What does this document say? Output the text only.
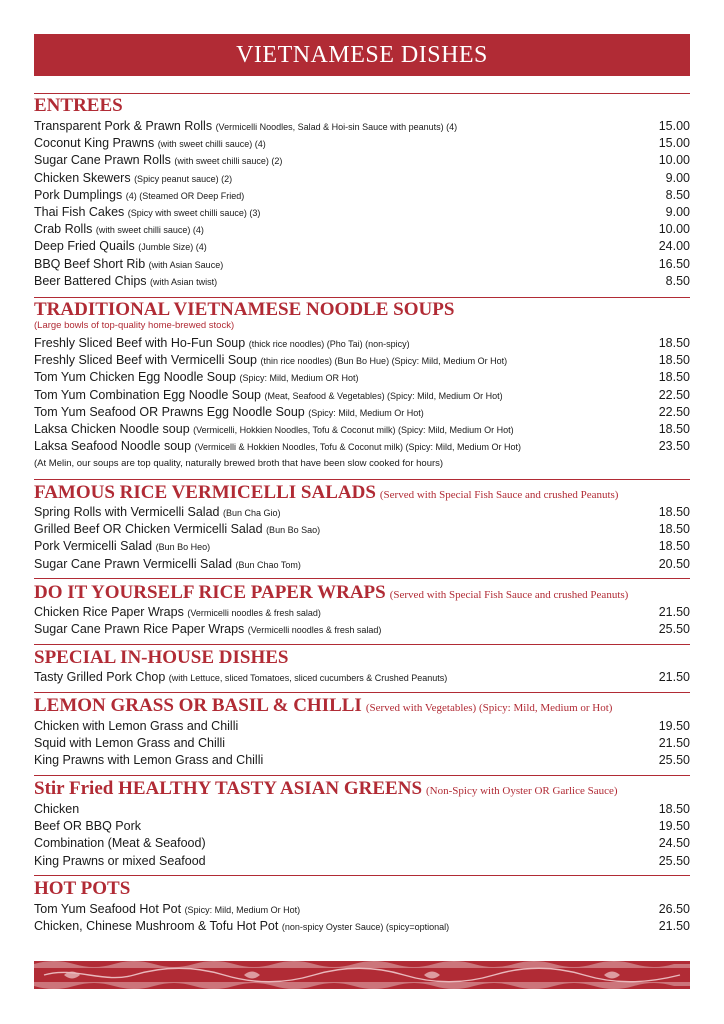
VIETNAMESE DISHES
ENTREES
Transparent Pork & Prawn Rolls (Vermicelli Noodles, Salad & Hoi-sin Sauce with peanuts) (4)	15.00
Coconut King Prawns (with sweet chilli sauce) (4)	15.00
Sugar Cane Prawn Rolls (with sweet chilli sauce) (2)	10.00
Chicken Skewers (Spicy peanut sauce) (2)	9.00
Pork Dumplings (4) (Steamed OR Deep Fried)	8.50
Thai Fish Cakes (Spicy with sweet chilli sauce) (3)	9.00
Crab Rolls (with sweet chilli sauce) (4)	10.00
Deep Fried Quails (Jumble Size) (4)	24.00
BBQ Beef Short Rib (with Asian Sauce)	16.50
Beer Battered Chips (with Asian twist)	8.50
TRADITIONAL VIETNAMESE NOODLE SOUPS
(Large bowls of top-quality home-brewed stock)
Freshly Sliced Beef with Ho-Fun Soup (thick rice noodles) (Pho Tai) (non-spicy)	18.50
Freshly Sliced Beef with Vermicelli Soup (thin rice noodles) (Bun Bo Hue) (Spicy: Mild, Medium Or Hot)	18.50
Tom Yum Chicken Egg Noodle Soup (Spicy: Mild, Medium OR Hot)	18.50
Tom Yum Combination Egg Noodle Soup (Meat, Seafood & Vegetables) (Spicy: Mild, Medium Or Hot)	22.50
Tom Yum Seafood OR Prawns Egg Noodle Soup (Spicy: Mild, Medium Or Hot)	22.50
Laksa Chicken Noodle soup (Vermicelli, Hokkien Noodles, Tofu & Coconut milk) (Spicy: Mild, Medium Or Hot)	18.50
Laksa Seafood Noodle soup (Vermicelli & Hokkien Noodles, Tofu & Coconut milk) (Spicy: Mild, Medium Or Hot)	23.50
(At Melin, our soups are top quality, naturally brewed broth that have been slow cooked for hours)
FAMOUS RICE VERMICELLI SALADS (Served with Special Fish Sauce and crushed Peanuts)
Spring Rolls with Vermicelli Salad (Bun Cha Gio)	18.50
Grilled Beef OR Chicken Vermicelli Salad (Bun Bo Sao)	18.50
Pork Vermicelli Salad (Bun Bo Heo)	18.50
Sugar Cane Prawn Vermicelli Salad (Bun Chao Tom)	20.50
DO IT YOURSELF RICE PAPER WRAPS (Served with Special Fish Sauce and crushed Peanuts)
Chicken Rice Paper Wraps (Vermicelli noodles & fresh salad)	21.50
Sugar Cane Prawn Rice Paper Wraps (Vermicelli noodles & fresh salad)	25.50
SPECIAL IN-HOUSE DISHES
Tasty Grilled Pork Chop (with Lettuce, sliced Tomatoes, sliced cucumbers & Crushed Peanuts)	21.50
LEMON GRASS OR BASIL & CHILLI (Served with Vegetables) (Spicy: Mild, Medium or Hot)
Chicken with Lemon Grass and Chilli	19.50
Squid with Lemon Grass and Chilli	21.50
King Prawns with Lemon Grass and Chilli	25.50
Stir Fried HEALTHY TASTY ASIAN GREENS (Non-Spicy with Oyster OR Garlice Sauce)
Chicken	18.50
Beef OR BBQ Pork	19.50
Combination (Meat & Seafood)	24.50
King Prawns or mixed Seafood	25.50
HOT POTS
Tom Yum Seafood Hot Pot (Spicy: Mild, Medium Or Hot)	26.50
Chicken, Chinese Mushroom & Tofu Hot Pot (non-spicy Oyster Sauce) (spicy=optional)	21.50
